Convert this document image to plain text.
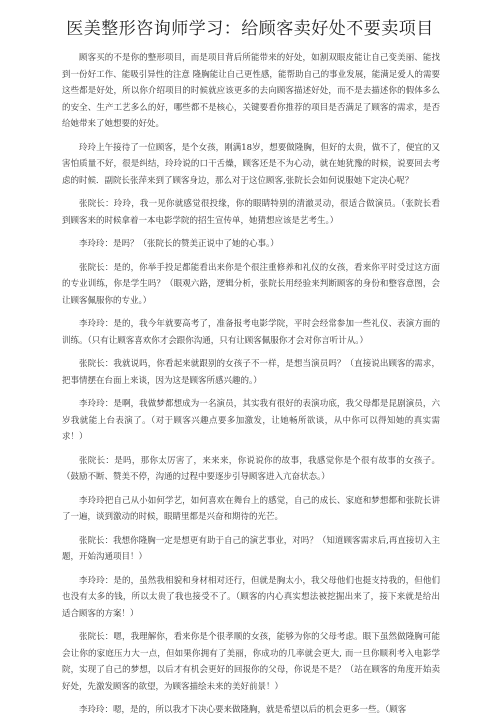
医美整形咨询师学习：给顾客卖好处不要卖项目

顾客买的不是你的整形项目，而是项目背后所能带来的好处，如割双眼皮能让自己变美丽、能找到一份好工作、能吸引异性的注意 隆胸能让自己更性感，能帮助自己的事业发展，能满足爱人的需要 这些都是好处，所以你介绍项目的时候就应该更多的去向顾客描述好处，而不是去描述你的假体多么的安全、生产工艺多么的好，哪些都不是核心，关键要看你推荐的项目是否满足了顾客的需求，是否给她带来了她想要的好处。

玲玲上午接待了一位顾客，是个女孩，刚满18岁，想要做隆胸，但好的太贵，做不了，便宜的又害怕质量不好，很是纠结，玲玲说的口干舌燥，顾客还是不为心动，就在她犹豫的时候，说要回去考虑的时候．副院长张萍来到了顾客身边，那么对于这位顾客,张院长会如何说服她下定决心呢？

张院长：玲玲，我一见你就感觉很投缘，你的眼睛特别的清澈灵动，很适合做演员。（张院长看到顾客来的时候拿着一本电影学院的招生宣传单，她猜想应该是艺考生。）

李玲玲：是吗？（张院长的赞美正说中了她的心事。）

张院长：是的，你举手投足都能看出来你是个很注重修养和礼仪的女孩，看来你平时受过这方面的专业训练，你是学生吗？（眼观六路，逻辑分析，张院长用经验来判断顾客的身份和整容意图，会让顾客佩服你的专业。）

李玲玲：是的，我今年就要高考了，准备报考电影学院，平时会经常参加一些礼仪、表演方面的训练。（只有让顾客喜欢你才会跟你沟通，只有让顾客佩服你才会对你言听计从。）

张院长：我就说吗，你看起来就跟别的女孩子不一样，是想当演员吗？（直接说出顾客的需求，把事情摆在台面上来谈，因为这是顾客所感兴趣的。）

李玲玲：是啊，我做梦都想成为一名演员，其实我有很好的表演功底，我父母都是昆剧演员，六岁我就能上台表演了。（对于顾客兴趣点要多加激发，让她畅所欲谈，从中你可以得知她的真实需求！）

张院长：是吗，那你太厉害了，来来来，你说说你的故事，我感觉你是个很有故事的女孩子。（鼓励不断、赞美不停，沟通的过程中要逐步引导顾客进入亢奋状态。）

李玲玲把自己从小如何学艺，如何喜欢在舞台上的感觉，自己的成长、家庭和梦想都和张院长讲了一遍，谈到激动的时候，眼睛里都是兴奋和期待的光芒。

张院长：我想你隆胸一定是想更有助于自己的演艺事业，对吗？（知道顾客需求后,再直接切入主题，开始沟通项目！）

李玲玲：是的，虽然我相貌和身材相对还行，但就是胸太小，我父母他们也挺支持我的，但他们也没有太多的钱，所以太贵了我也接受不了。（顾客的内心真实想法被挖掘出来了，接下来就是给出适合顾客的方案！）

张院长：嗯，我理解你，看来你是个很孝顺的女孩，能够为你的父母考虑。眼下虽然做隆胸可能会让你的家庭压力大一点，但如果你拥有了美丽，你成功的几率就会更大, 而一旦你顺利考入电影学院，实现了自己的梦想，以后才有机会更好的回报你的父母，你说是不是？（站在顾客的角度开始卖好处，先激发顾客的欲望，为顾客描绘未来的美好前景！）

李玲玲：嗯，是的，所以我才下决心要来做隆胸，就是希望以后的机会更多一些。（顾客
